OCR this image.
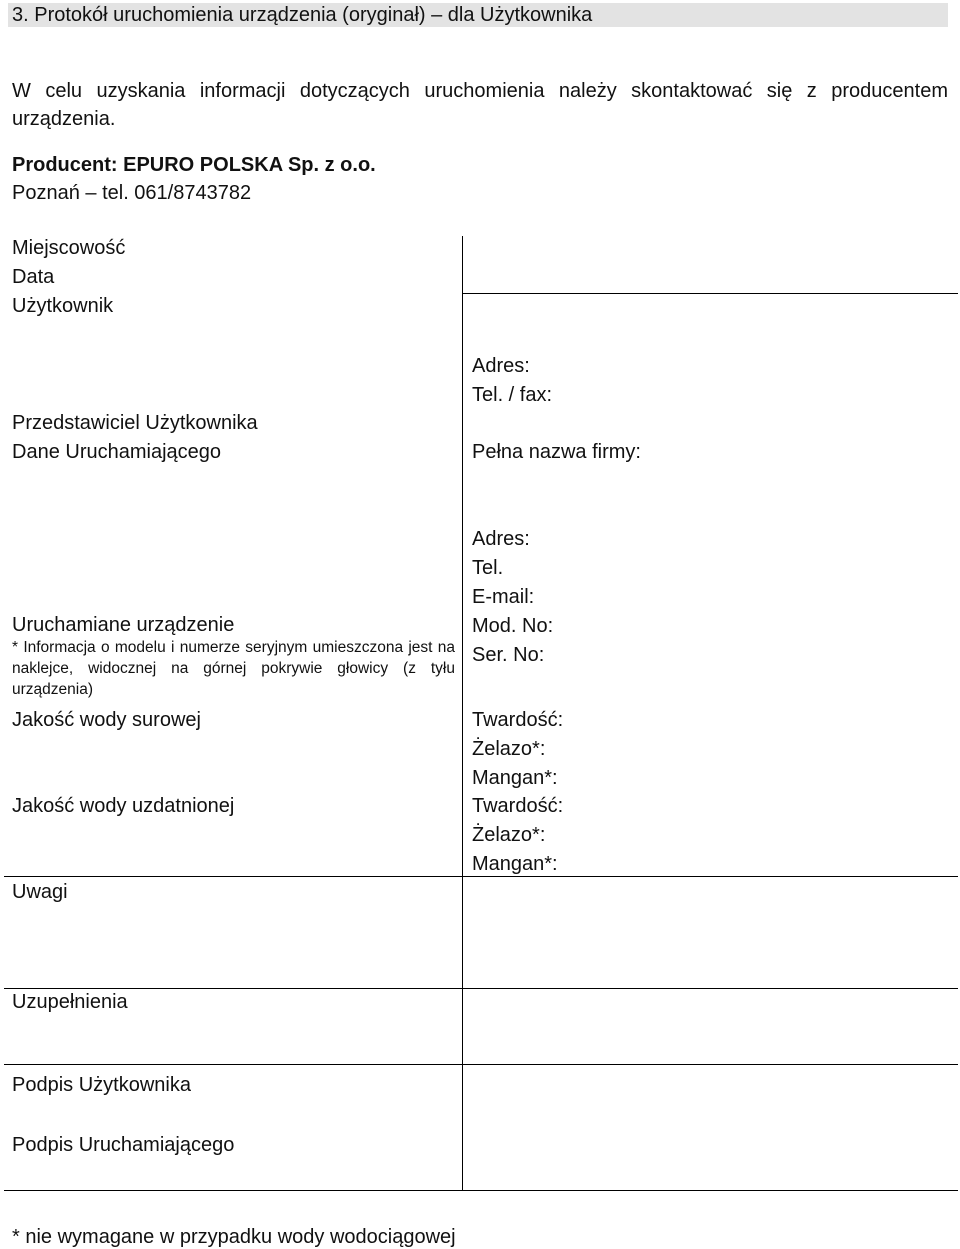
3. Protokół uruchomienia urządzenia (oryginał) – dla Użytkownika
W celu uzyskania informacji dotyczących uruchomienia należy skontaktować się z producentem urządzenia.
Producent: EPURO POLSKA Sp. z o.o.
Poznań – tel. 061/8743782
Miejscowość
Data
Użytkownik
Przedstawiciel Użytkownika
Dane Uruchamiającego
Uruchamiane urządzenie
* Informacja o modelu i numerze seryjnym umieszczona jest na naklejce, widocznej na górnej pokrywie głowicy (z tyłu urządzenia)
Jakość wody surowej
Jakość wody uzdatnionej
Uwagi
Uzupełnienia
Podpis Użytkownika
Podpis Uruchamiającego
Adres:
Tel. / fax:
Pełna nazwa firmy:
Adres:
Tel.
E-mail:
Mod. No:
Ser. No:
Twardość:
Żelazo*:
Mangan*:
Twardość:
Żelazo*:
Mangan*:
* nie wymagane w przypadku wody wodociągowej
